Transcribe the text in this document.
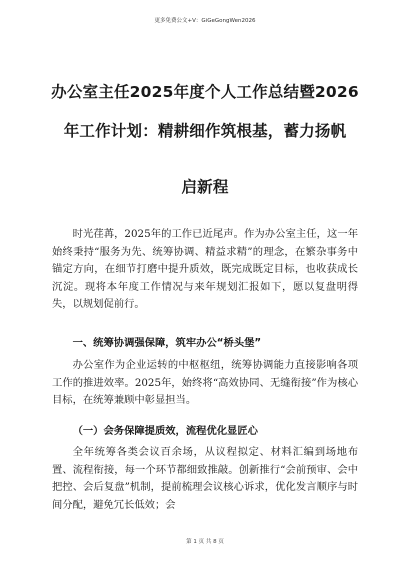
更多免费公文+V：GiGeGongWen2026
办公室主任2025年度个人工作总结暨2026
年工作计划：精耕细作筑根基，蓄力扬帆
启新程
时光荏苒，2025年的工作已近尾声。作为办公室主任，这一年始终秉持“服务为先、统筹协调、精益求精”的理念，在繁杂事务中锚定方向，在细节打磨中提升质效，既完成既定目标，也收获成长沉淀。现将本年度工作情况与来年规划汇报如下，愿以复盘明得失，以规划促前行。
一、统筹协调强保障，筑牢办公“桥头堡”
办公室作为企业运转的中枢枢纽，统筹协调能力直接影响各项工作的推进效率。2025年，始终将“高效协同、无缝衔接”作为核心目标，在统筹兼顾中彰显担当。
（一）会务保障提质效，流程优化显匠心
全年统筹各类会议百余场，从议程拟定、材料汇编到场地布置、流程衔接，每一个环节都细致推敲。创新推行“会前预审、会中把控、会后复盘”机制，提前梳理会议核心诉求，优化发言顺序与时间分配，避免冗长低效；会
第 1 页 共 8 页
